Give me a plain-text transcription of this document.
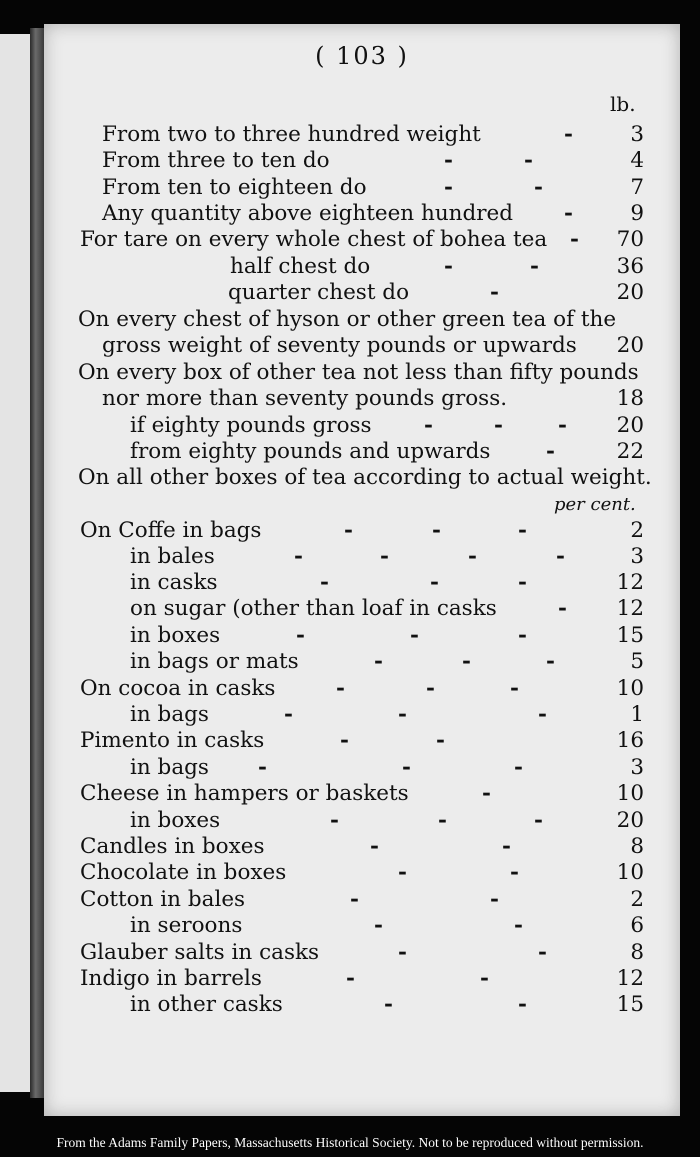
( 103 )
lb.
per cent.
From two to three hundred weight	-	3
From three to ten do	-	-	4
From ten to eighteen do	-	-	7
Any quantity above eighteen hundred -	9
For tare on every whole chest of bohea tea - 70
half chest do	-	-	36
quarter chest do	-	20
On every chest of hyson or other green tea of the
gross weight of seventy pounds or upwards 20
On every box of other tea not less than fifty pounds
nor more than seventy pounds gross.	18
if eighty pounds gross -	-	- 20
from eighty pounds and upwards	-	22
On all other boxes of tea according to actual weight.
On Coffe in bags	-	-	-	2
in bales	-	-	-	-	3
in casks	-	-	-	12
on sugar (other than loaf in casks	- 12
in boxes	-	-	-	15
in bags or mats	-	-	-	5
On cocoa in casks	-	-	-	10
in bags	-	-	-	1
Pimento in casks	-	-	16
in bags -	-	-	3
Cheese in hampers or baskets	-	10
in boxes	-	-	-	20
Candles in boxes	-	-	8
Chocolate in boxes	-	-	10
Cotton in bales	-	-	2
in seroons	-	-	6
Glauber salts in casks	-	-	8
Indigo in barrels	-	-	12
in other casks	-	-	15
From the Adams Family Papers, Massachusetts Historical Society. Not to be reproduced without permission.
